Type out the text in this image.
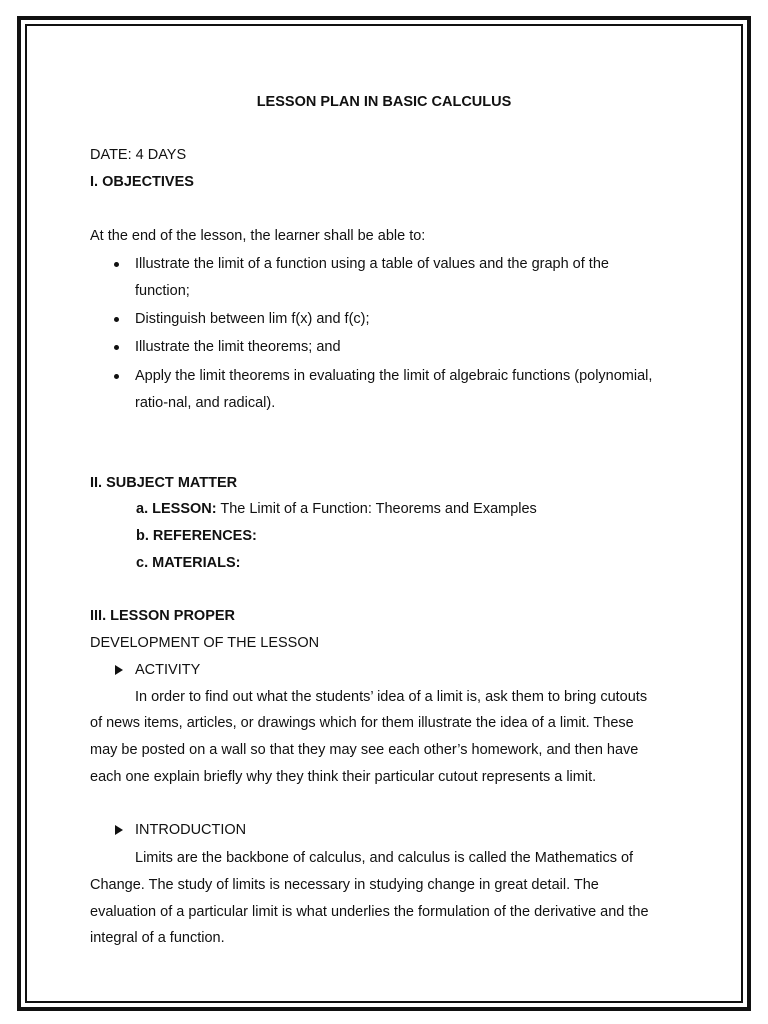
LESSON PLAN IN BASIC CALCULUS

DATE: 4 DAYS

I. OBJECTIVES

At the end of the lesson, the learner shall be able to:

Illustrate the limit of a function using a table of values and the graph of the

function;

Distinguish between lim f(x) and f(c);

Illustrate the limit theorems; and

Apply the limit theorems in evaluating the limit of algebraic functions (polynomial,

ratio-nal, and radical).

II. SUBJECT MATTER

a. LESSON: The Limit of a Function: Theorems and Examples

b. REFERENCES:

c. MATERIALS:

III. LESSON PROPER

DEVELOPMENT OF THE LESSON

ACTIVITY

In order to find out what the students’ idea of a limit is, ask them to bring cutouts

of news items, articles, or drawings which for them illustrate the idea of a limit. These

may be posted on a wall so that they may see each other’s homework, and then have

each one explain briefly why they think their particular cutout represents a limit.

INTRODUCTION

Limits are the backbone of calculus, and calculus is called the Mathematics of

Change. The study of limits is necessary in studying change in great detail. The

evaluation of a particular limit is what underlies the formulation of the derivative and the

integral of a function.
